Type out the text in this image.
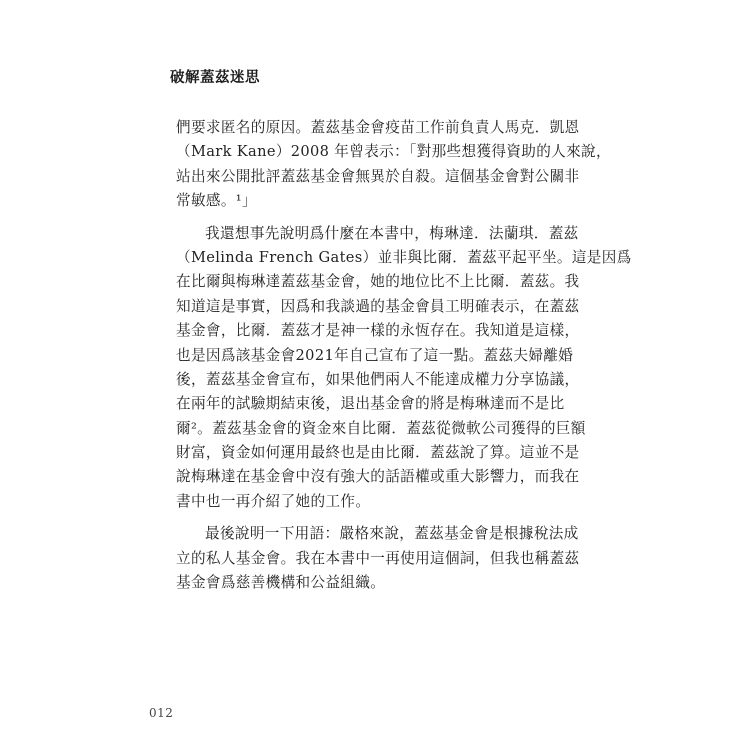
破解蓋茲迷思
們要求匿名的原因。蓋茲基金會疫苗工作前負責人馬克．凱恩
（Mark Kane）2008 年曾表示：「對那些想獲得資助的人來說，
站出來公開批評蓋茲基金會無異於自殺。這個基金會對公關非
常敏感。¹」
我還想事先說明爲什麼在本書中，梅琳達．法蘭琪．蓋茲
（Melinda French Gates）並非與比爾．蓋茲平起平坐。這是因爲
在比爾與梅琳達蓋茲基金會，她的地位比不上比爾．蓋茲。我
知道這是事實，因爲和我談過的基金會員工明確表示，在蓋茲
基金會，比爾．蓋茲才是神一樣的永恆存在。我知道是這樣，
也是因爲該基金會2021年自己宣布了這一點。蓋茲夫婦離婚
後，蓋茲基金會宣布，如果他們兩人不能達成權力分享協議，
在兩年的試驗期結束後，退出基金會的將是梅琳達而不是比
爾²。蓋茲基金會的資金來自比爾．蓋茲從微軟公司獲得的巨額
財富，資金如何運用最終也是由比爾．蓋茲說了算。這並不是
說梅琳達在基金會中沒有強大的話語權或重大影響力，而我在
書中也一再介紹了她的工作。
最後說明一下用語：嚴格來說，蓋茲基金會是根據稅法成
立的私人基金會。我在本書中一再使用這個詞，但我也稱蓋茲
基金會爲慈善機構和公益組織。
012
